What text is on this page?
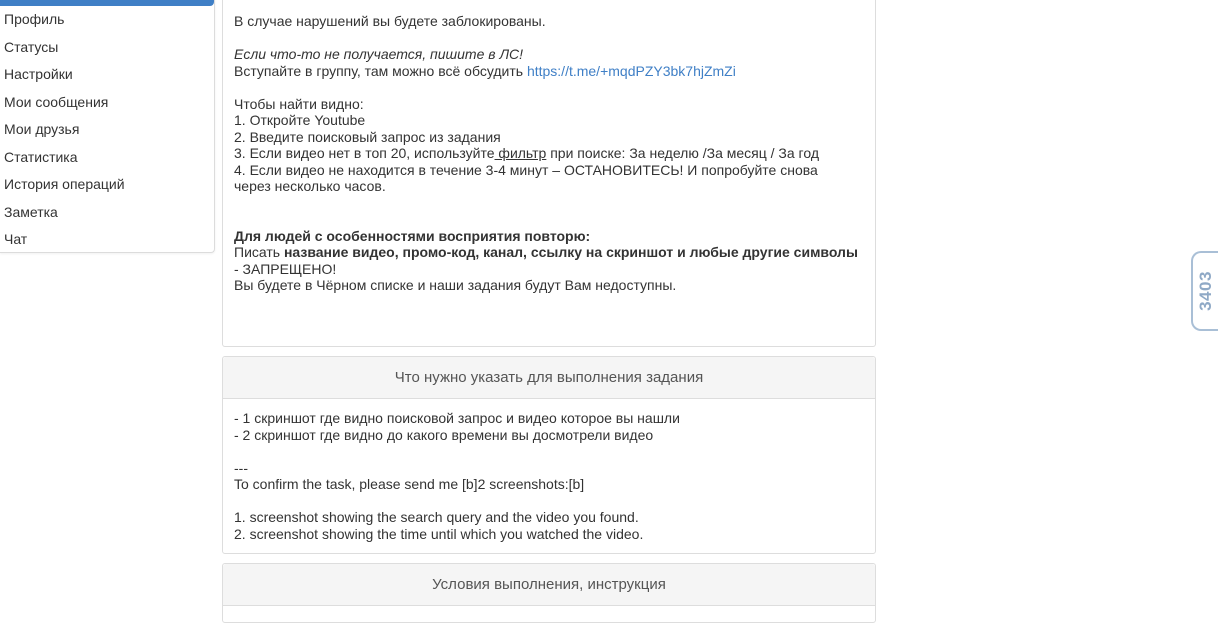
Профиль
Статусы
Настройки
Мои сообщения
Мои друзья
Статистика
История операций
Заметка
Чат

В случае нарушений вы будете заблокированы.

Если что-то не получается, пишите в ЛС!

Вступайте в группу, там можно всё обсудить https://t.me/+mqdPZY3bk7hjZmZi

Чтобы найти видно:

1. Откройте Youtube

2. Введите поисковый запрос из задания

3. Если видео нет в топ 20, используйте фильтр при поиске: За неделю /За месяц / За год

4. Если видео не находится в течение 3-4 минут – ОСТАНОВИТЕСЬ! И попробуйте снова
через несколько часов.

Для людей с особенностями восприятия повторю:

Писать название видео, промо-код, канал, ссылку на скриншот и любые другие символы

- ЗАПРЕЩЕНО!

Вы будете в Чёрном списке и наши задания будут Вам недоступны.

Что нужно указать для выполнения задания

- 1 скриншот где видно поисковой запрос и видео которое вы нашли

- 2 скриншот где видно до какого времени вы досмотрели видео

---

To confirm the task, please send me [b]2 screenshots:[b]

1. screenshot showing the search query and the video you found.

2. screenshot showing the time until which you watched the video.

Условия выполнения, инструкция
3403
